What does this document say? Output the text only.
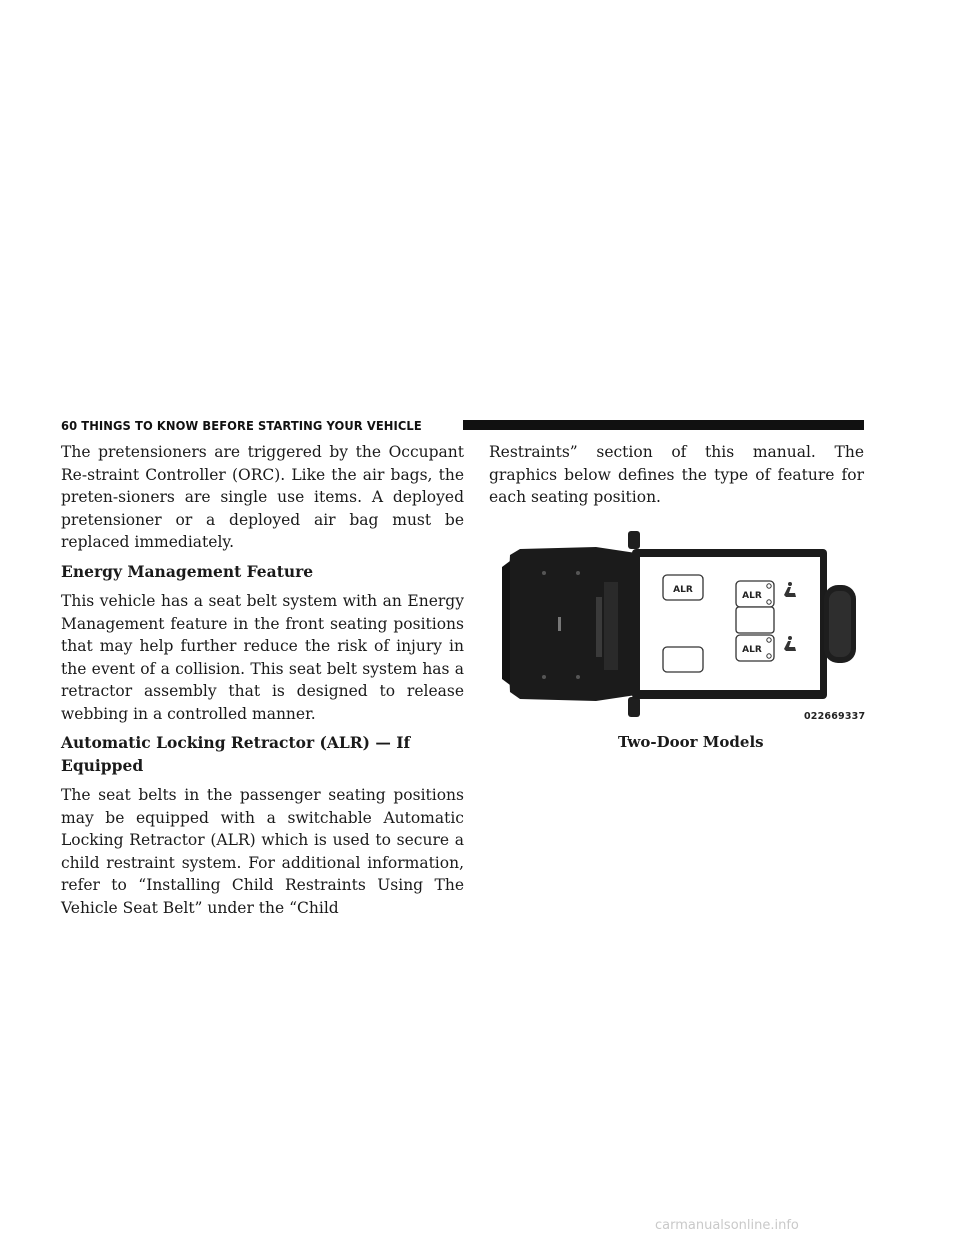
60 THINGS TO KNOW BEFORE STARTING YOUR VEHICLE

The pretensioners are triggered by the Occupant Re-straint Controller (ORC). Like the air bags, the preten-sioners are single use items. A deployed pretensioner or a deployed air bag must be replaced immediately.

Energy Management Feature

This vehicle has a seat belt system with an Energy Management feature in the front seating positions that may help further reduce the risk of injury in the event of a collision. This seat belt system has a retractor assembly that is designed to release webbing in a controlled manner.

Automatic Locking Retractor (ALR) — If Equipped

The seat belts in the passenger seating positions may be equipped with a switchable Automatic Locking Retractor (ALR) which is used to secure a child restraint system. For additional information, refer to “Installing Child Restraints Using The Vehicle Seat Belt” under the “Child

Restraints” section of this manual. The graphics below defines the type of feature for each seating position.

ALR
ALR
ALR
022669337
Two-Door Models
carmanualsonline.info
